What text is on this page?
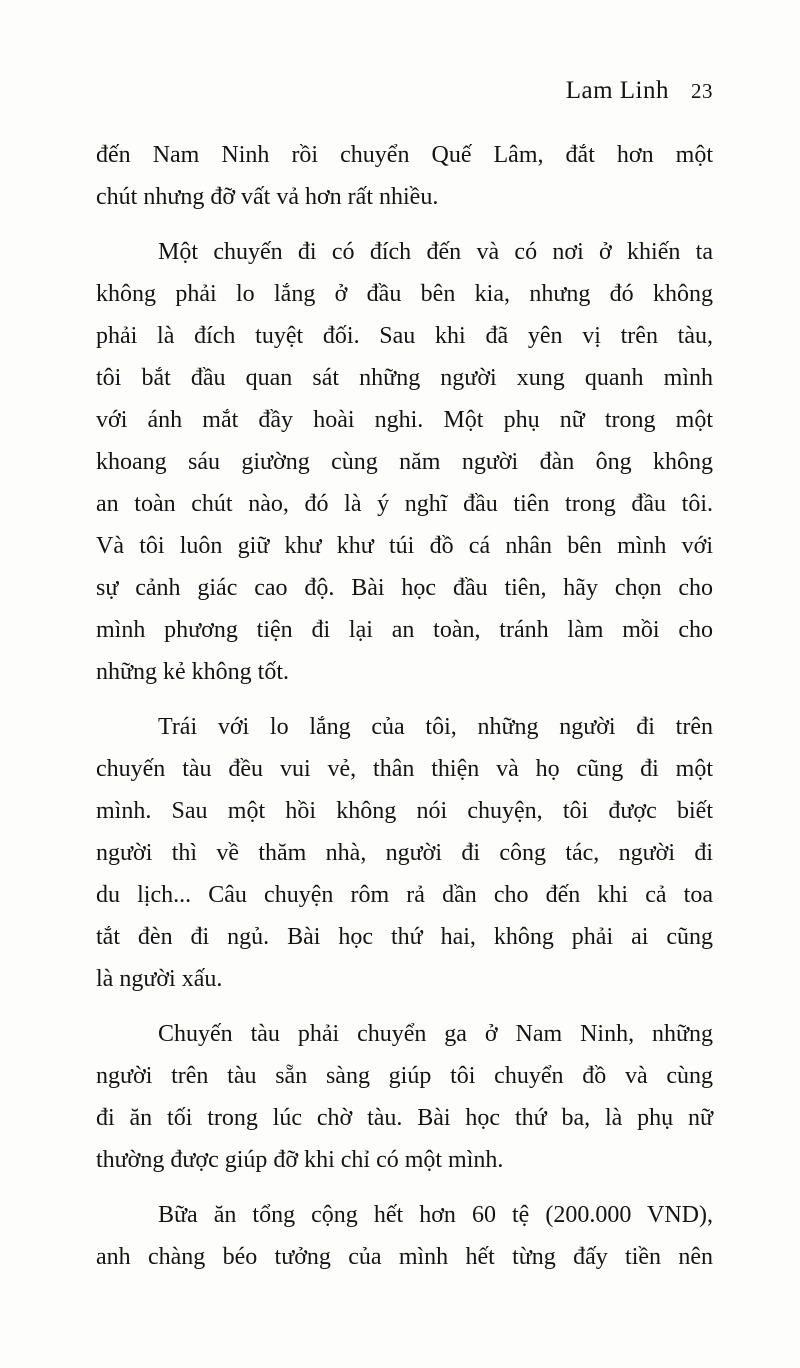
Lam Linh 23
đến Nam Ninh rồi chuyển Quế Lâm, đắt hơn một
chút nhưng đỡ vất vả hơn rất nhiều.
Một chuyến đi có đích đến và có nơi ở khiến ta
không phải lo lắng ở đầu bên kia, nhưng đó không
phải là đích tuyệt đối. Sau khi đã yên vị trên tàu,
tôi bắt đầu quan sát những người xung quanh mình
với ánh mắt đầy hoài nghi. Một phụ nữ trong một
khoang sáu giường cùng năm người đàn ông không
an toàn chút nào, đó là ý nghĩ đầu tiên trong đầu tôi.
Và tôi luôn giữ khư khư túi đồ cá nhân bên mình với
sự cảnh giác cao độ. Bài học đầu tiên, hãy chọn cho
mình phương tiện đi lại an toàn, tránh làm mồi cho
những kẻ không tốt.
Trái với lo lắng của tôi, những người đi trên
chuyến tàu đều vui vẻ, thân thiện và họ cũng đi một
mình. Sau một hồi không nói chuyện, tôi được biết
người thì về thăm nhà, người đi công tác, người đi
du lịch... Câu chuyện rôm rả dần cho đến khi cả toa
tắt đèn đi ngủ. Bài học thứ hai, không phải ai cũng
là người xấu.
Chuyến tàu phải chuyển ga ở Nam Ninh, những
người trên tàu sẵn sàng giúp tôi chuyển đồ và cùng
đi ăn tối trong lúc chờ tàu. Bài học thứ ba, là phụ nữ
thường được giúp đỡ khi chỉ có một mình.
Bữa ăn tổng cộng hết hơn 60 tệ (200.000 VND),
anh chàng béo tưởng của mình hết từng đấy tiền nên
